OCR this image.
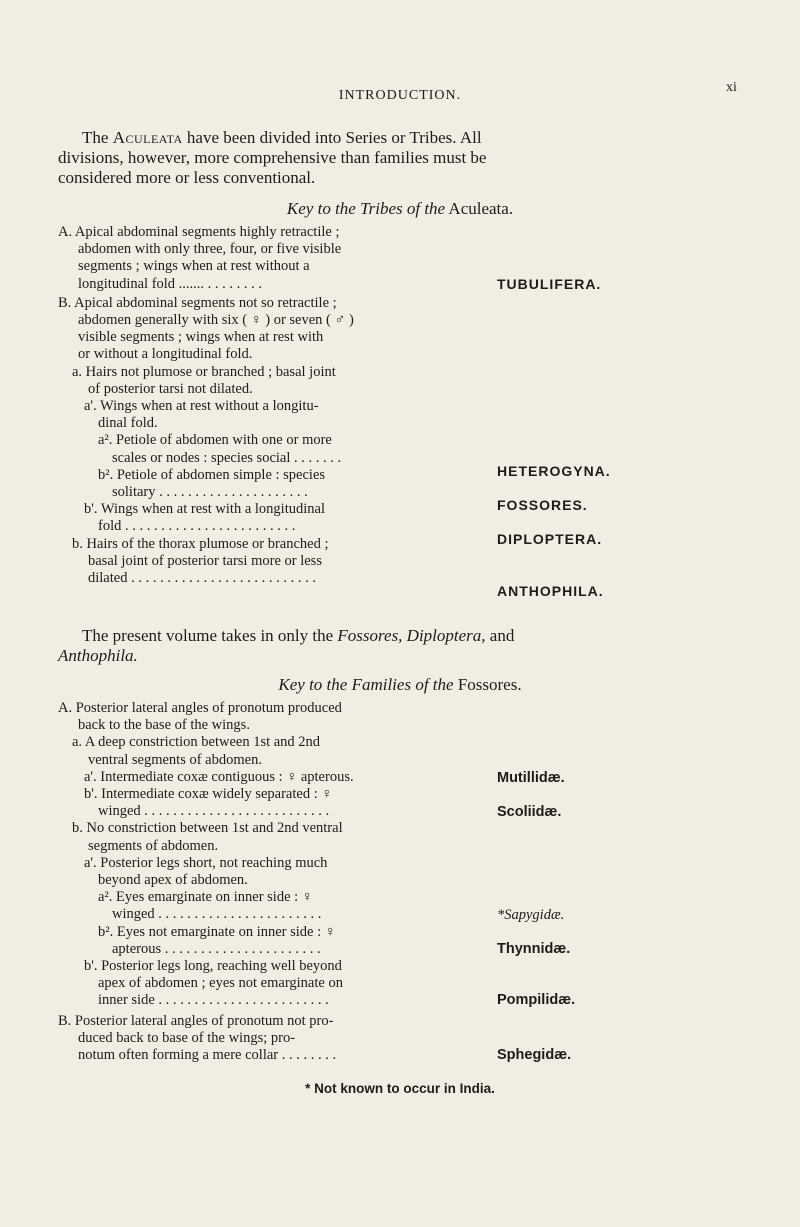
INTRODUCTION.
xi
The Aculeata have been divided into Series or Tribes. All
divisions, however, more comprehensive than families must be
considered more or less conventional.
Key to the Tribes of the Aculeata.
A. Apical abdominal segments highly retractile ;
abdomen with only three, four, or five visible
segments ; wings when at rest without a
longitudinal fold ....... . . . . . . . .
B. Apical abdominal segments not so retractile ;
abdomen generally with six ( ♀ ) or seven ( ♂ )
visible segments ; wings when at rest with
or without a longitudinal fold.
a. Hairs not plumose or branched ; basal joint
of posterior tarsi not dilated.
a'. Wings when at rest without a longitu-
dinal fold.
a². Petiole of abdomen with one or more
scales or nodes : species social . . . . . . .
b². Petiole of abdomen simple : species
solitary . . . . . . . . . . . . . . . . . . . . .
b'. Wings when at rest with a longitudinal
fold . . . . . . . . . . . . . . . . . . . . . . . .
b. Hairs of the thorax plumose or branched ;
basal joint of posterior tarsi more or less
dilated . . . . . . . . . . . . . . . . . . . . . . . . . .
TUBULIFERA.
HETEROGYNA.
FOSSORES.
DIPLOPTERA.
ANTHOPHILA.
The present volume takes in only the Fossores, Diploptera, and
Anthophila.
Key to the Families of the Fossores.
A. Posterior lateral angles of pronotum produced
back to the base of the wings.
a. A deep constriction between 1st and 2nd
ventral segments of abdomen.
a'. Intermediate coxæ contiguous : ♀ apterous.
b'. Intermediate coxæ widely separated : ♀
winged . . . . . . . . . . . . . . . . . . . . . . . . . .
b. No constriction between 1st and 2nd ventral
segments of abdomen.
a'. Posterior legs short, not reaching much
beyond apex of abdomen.
a². Eyes emarginate on inner side : ♀
winged . . . . . . . . . . . . . . . . . . . . . . .
b². Eyes not emarginate on inner side : ♀
apterous . . . . . . . . . . . . . . . . . . . . . .
b'. Posterior legs long, reaching well beyond
apex of abdomen ; eyes not emarginate on
inner side . . . . . . . . . . . . . . . . . . . . . . . .
B. Posterior lateral angles of pronotum not pro-
duced back to base of the wings; pro-
notum often forming a mere collar . . . . . . . .
Mutillidæ.
Scoliidæ.
*Sapygidæ.
Thynnidæ.
Pompilidæ.
Sphegidæ.
* Not known to occur in India.
